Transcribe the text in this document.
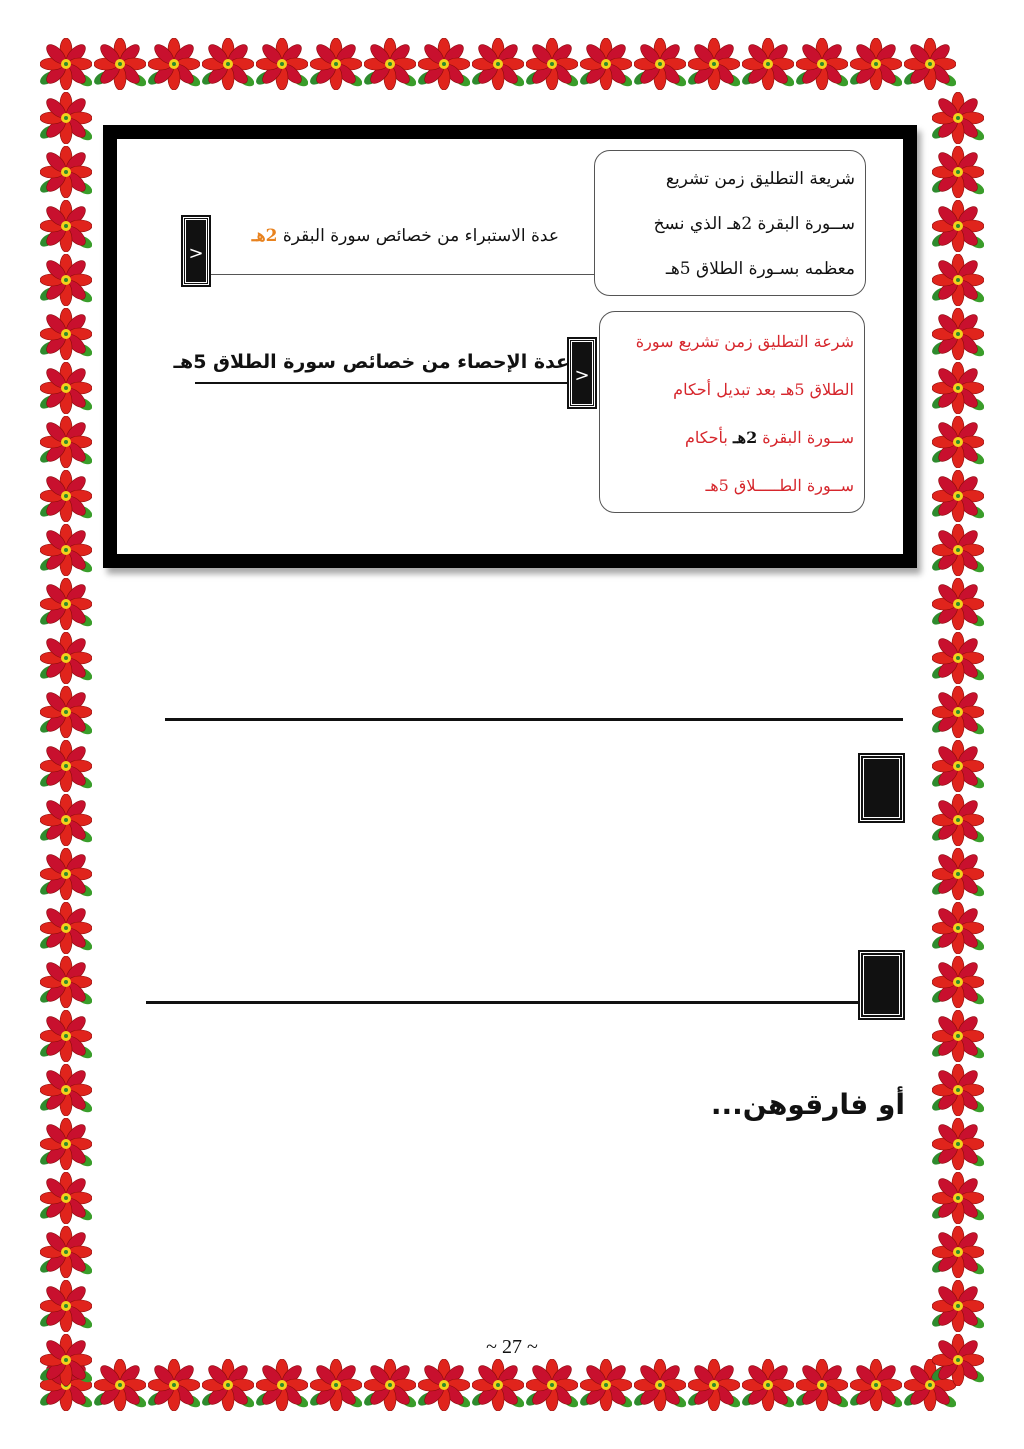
شريعة التطليق زمن تشريع
ســورة البقرة 2هـ الذي نسخ
معظمه بسـورة الطلاق 5هـ
>
عدة الاستبراء من خصائص سورة البقرة 2هـ
شرعة التطليق زمن تشريع سورة
الطلاق 5هـ بعد تبديل أحكام
ســورة البقرة 2هـ بأحكام
ســورة الطـــــلاق 5هـ
>
عدة الإحصاء من خصائص سورة الطلاق 5هـ
أو فارقوهن...
~ 27 ~
